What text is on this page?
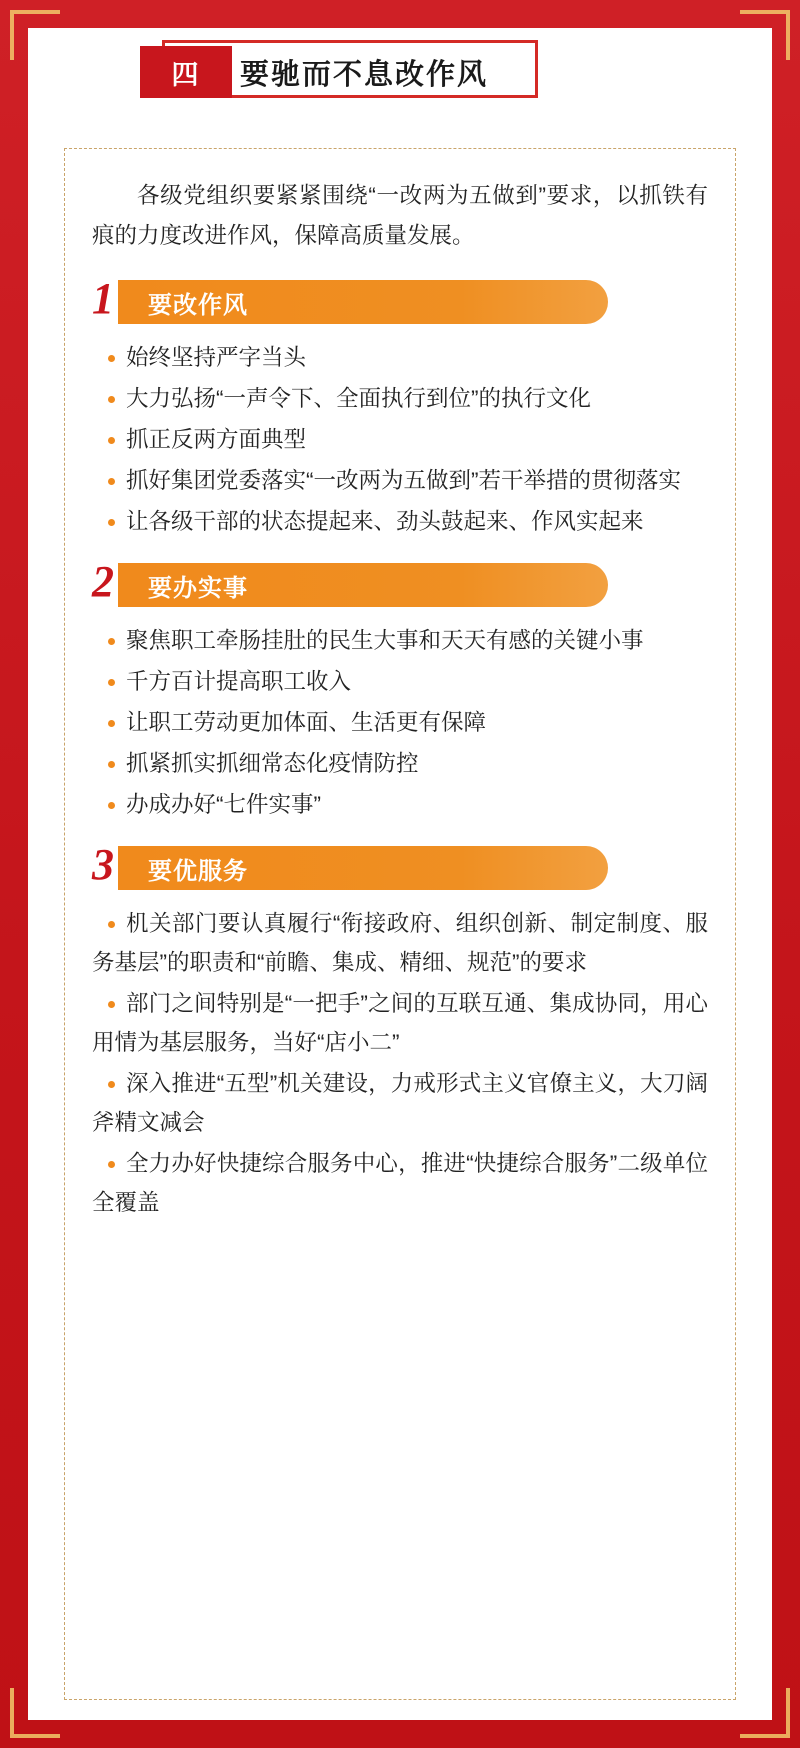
四	要驰而不息改作风
各级党组织要紧紧围绕“一改两为五做到”要求，以抓铁有痕的力度改进作风，保障高质量发展。
1 要改作风
始终坚持严字当头
大力弘扬“一声令下、全面执行到位”的执行文化
抓正反两方面典型
抓好集团党委落实“一改两为五做到”若干举措的贯彻落实
让各级干部的状态提起来、劲头鼓起来、作风实起来
2 要办实事
聚焦职工牵肠挂肚的民生大事和天天有感的关键小事
千方百计提高职工收入
让职工劳动更加体面、生活更有保障
抓紧抓实抓细常态化疫情防控
办成办好“七件实事”
3 要优服务
机关部门要认真履行“衔接政府、组织创新、制定制度、服务基层”的职责和“前瞻、集成、精细、规范”的要求
部门之间特别是“一把手”之间的互联互通、集成协同，用心用情为基层服务，当好“店小二”
深入推进“五型”机关建设，力戒形式主义官僚主义，大刀阔斧精文减会
全力办好快捷综合服务中心，推进“快捷综合服务”二级单位全覆盖
